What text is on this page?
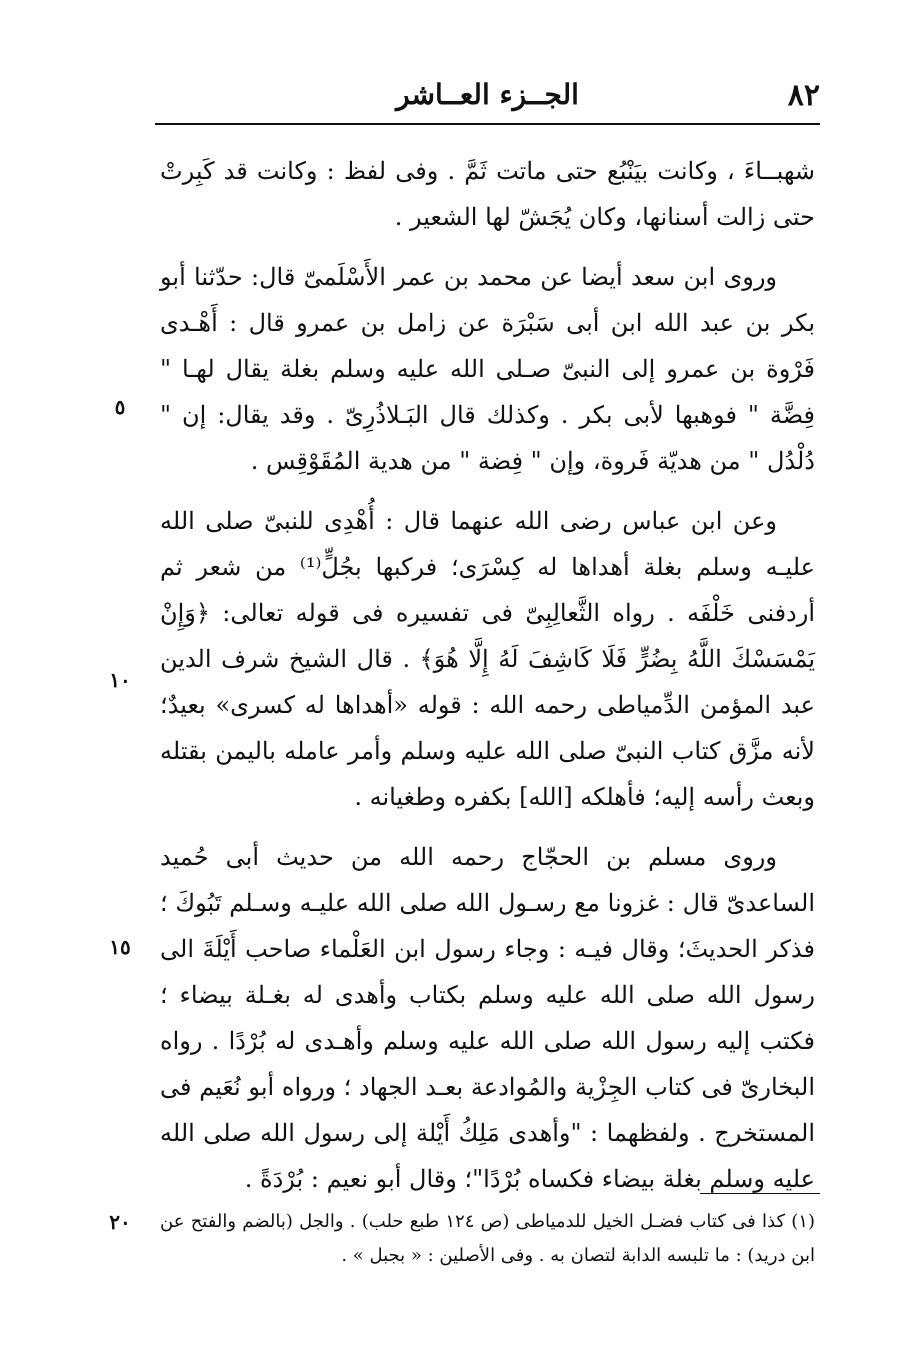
٨٢
الجــزء العــاشر

شهبــاءَ ، وكانت بيَنْبُع حتى ماتت ثَمَّ . وفى لفظ : وكانت قد كَبِرتْ حتى زالت أسنانها، وكان يُجَشّ لها الشعير .

وروى ابن سعد أيضا عن محمد بن عمر الأَسْلَمىّ قال: حدّثنا أبو بكر بن عبد الله ابن أبى سَبْرَة عن زامل بن عمرو قال : أَهْـدى فَرْوة بن عمرو إلى النبىّ صـلى الله عليه وسلم بغلة يقال لهـا " فِضَّة " فوهبها لأبى بكر . وكذلك قال البَـلاذُرِىّ . وقد يقال: إن " دُلْدُل " من هديّة فَروة، وإن " فِضة " من هدية المُقَوْقِس .

وعن ابن عباس رضى الله عنهما قال : أُهْدِى للنبىّ صلى الله عليـه وسلم بغلة أهداها له كِسْرَى؛ فركبها بجُلٍّ⁽¹⁾ من شعر ثم أردفنى خَلْفَه . رواه الثَّعالِبِىّ فى تفسيره فى قوله تعالى: ﴿وَإِنْ يَمْسَسْكَ اللَّهُ بِضُرٍّ فَلَا كَاشِفَ لَهُ إِلَّا هُوَ﴾ . قال الشيخ شرف الدين عبد المؤمن الدِّمياطى رحمه الله : قوله «أهداها له كسرى» بعيدٌ؛ لأنه مزَّق كتاب النبىّ صلى الله عليه وسلم وأمر عامله باليمن بقتله وبعث رأسه إليه؛ فأهلكه [الله] بكفره وطغيانه .

وروى مسلم بن الحجّاج رحمه الله من حديث أبى حُميد الساعدىّ قال : غزونا مع رسـول الله صلى الله عليـه وسـلم تَبُوكَ ؛ فذكر الحديثَ؛ وقال فيـه : وجاء رسول ابن العَلْماء صاحب أَيْلَةَ الى رسول الله صلى الله عليه وسلم بكتاب وأهدى له بغـلة بيضاء ؛ فكتب إليه رسول الله صلى الله عليه وسلم وأهـدى له بُرْدًا . رواه البخارىّ فى كتاب الجِزْية والمُوادعة بعـد الجهاد ؛ ورواه أبو نُعَيم فى المستخرج . ولفظهما : "وأهدى مَلِكُ أَيْلة إلى رسول الله صلى الله عليه وسلم بغلة بيضاء فكساه بُرْدًا"؛ وقال أبو نعيم : بُرْدَةً .

٥
١٠
١٥
٢٠	(١) كذا فى كتاب فضـل الخيل للدمياطى (ص ١٢٤ طبع حلب) . والجل (بالضم والفتح عن ابن دريد) : ما تلبسه الدابة لتصان به . وفى الأصلين : « بجبل » .
